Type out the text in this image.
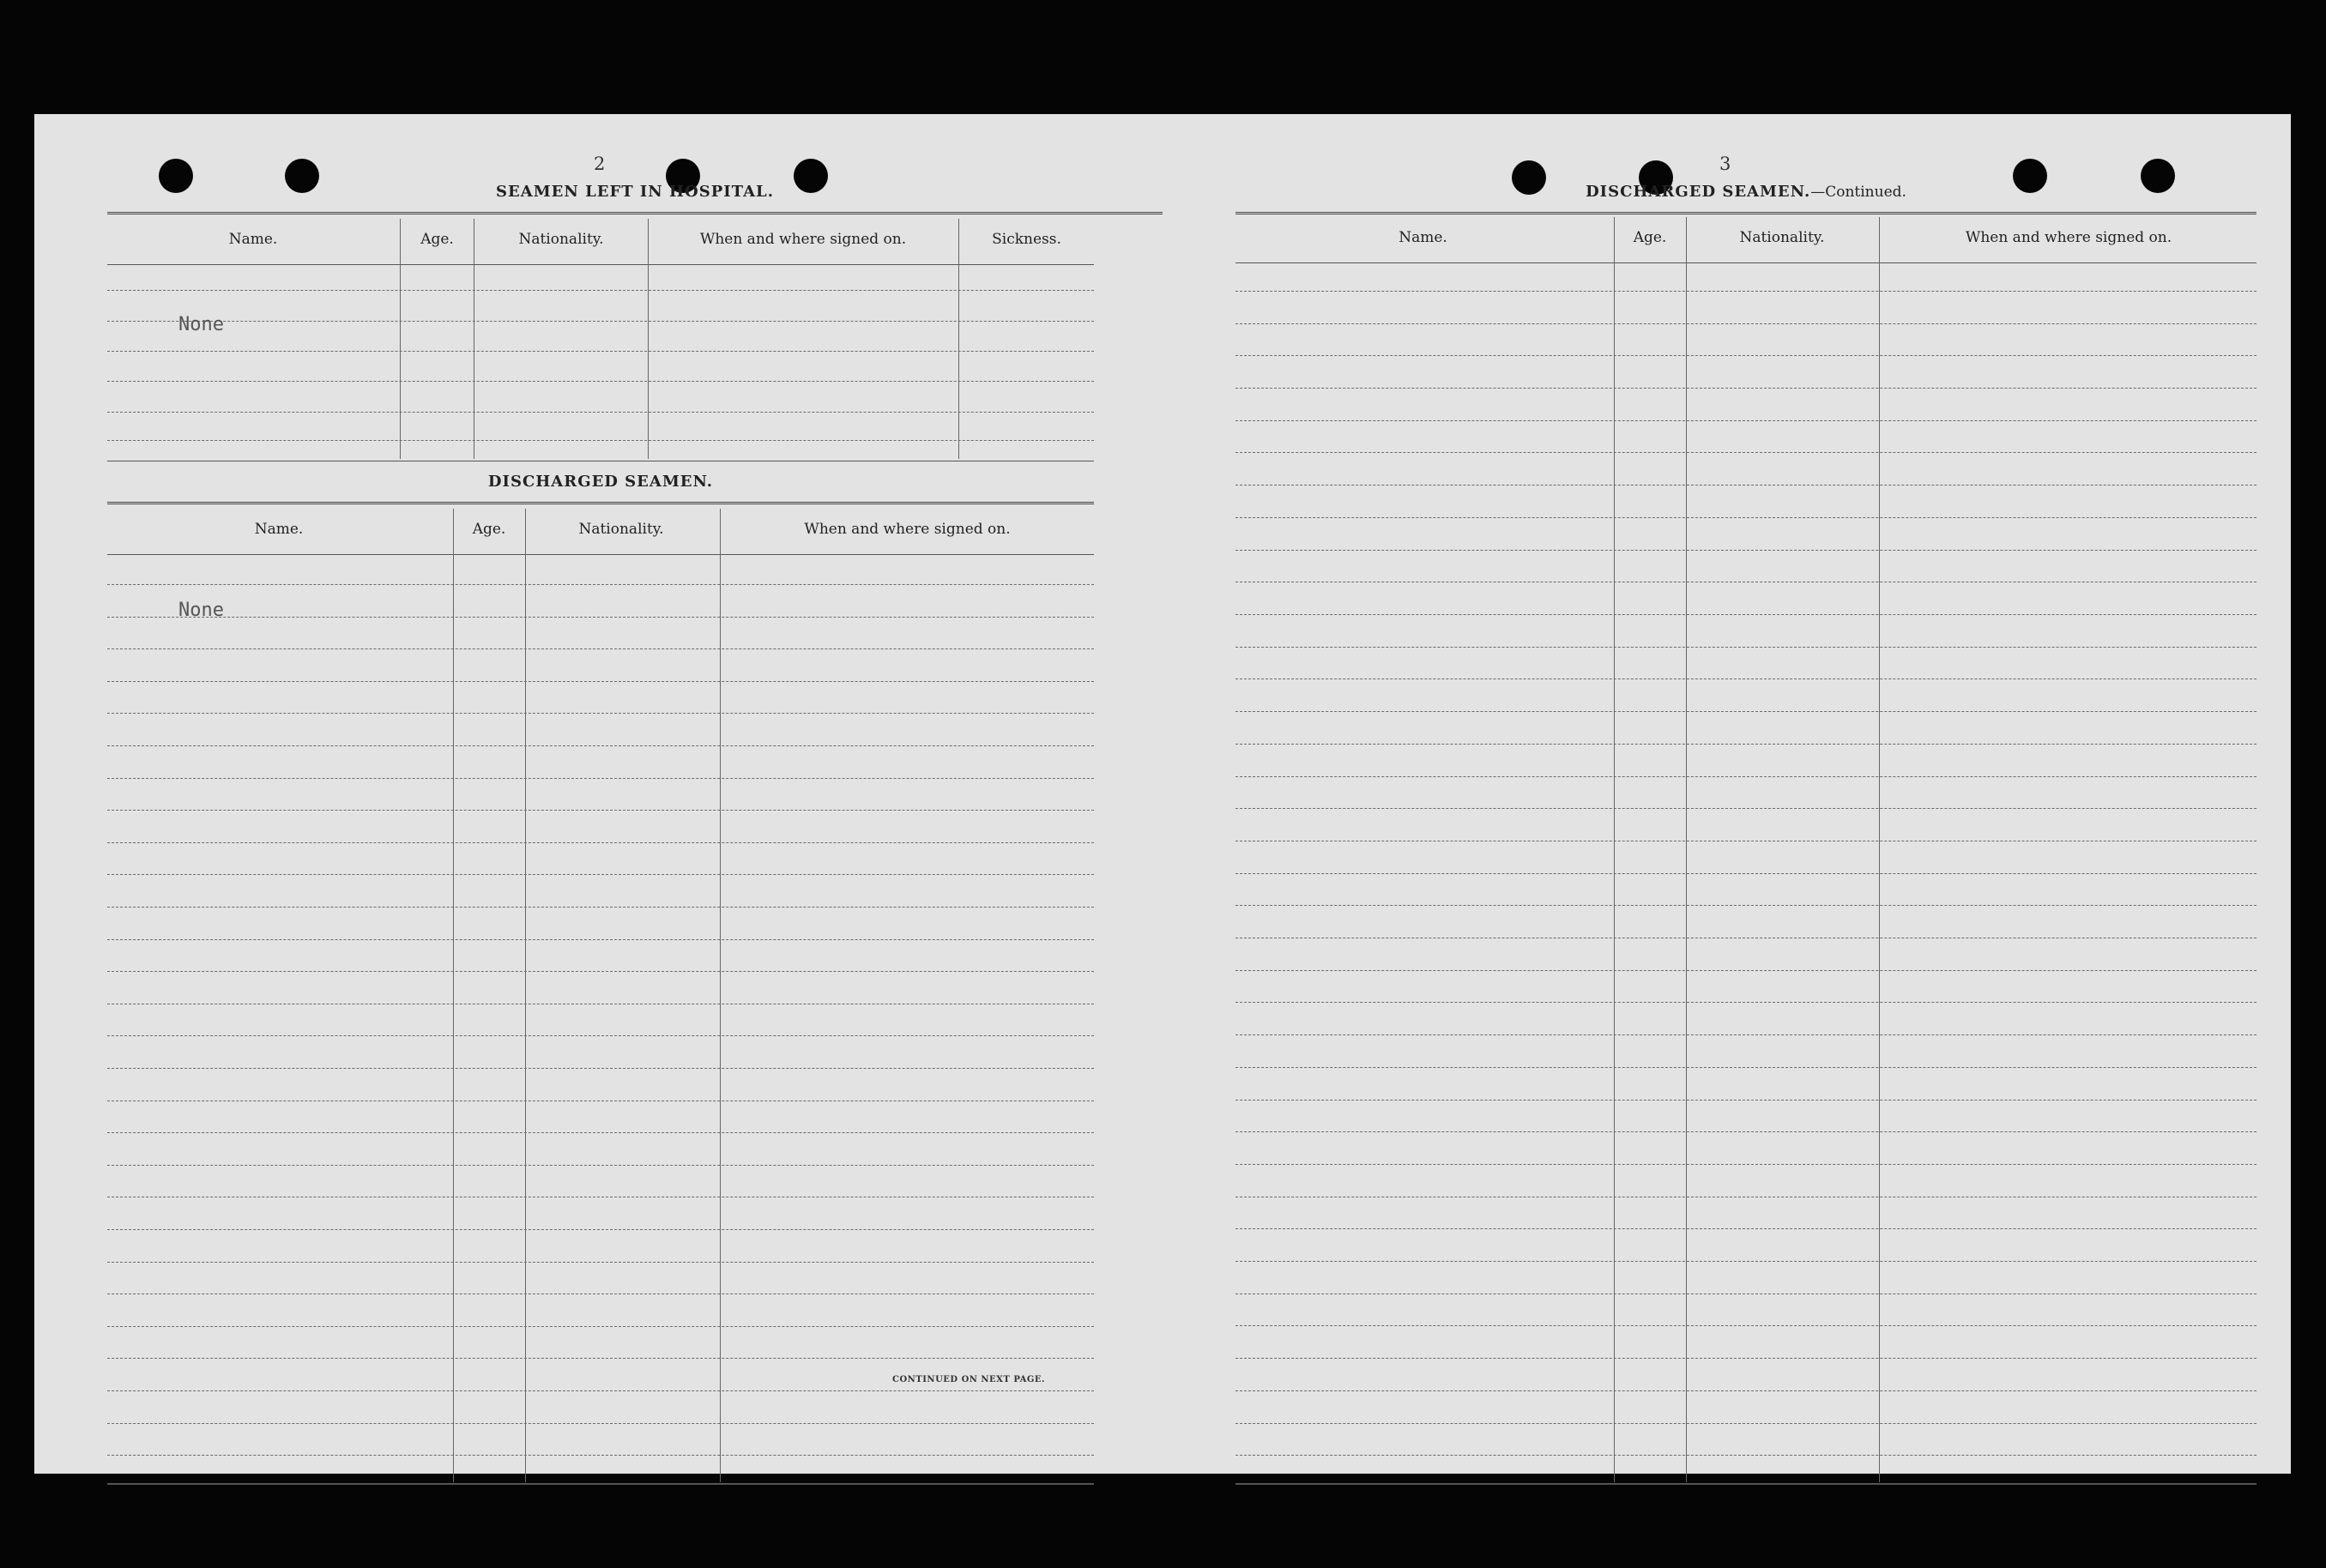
2
SEAMEN LEFT IN HOSPITAL.
Name.	Age.	Nationality.	When and where signed on.	Sickness.
None
DISCHARGED SEAMEN.
Name.	Age.	Nationality.	When and where signed on.
None
CONTINUED ON NEXT PAGE.
3
DISCHARGED SEAMEN.—Continued.
Name.	Age.	Nationality.	When and where signed on.
